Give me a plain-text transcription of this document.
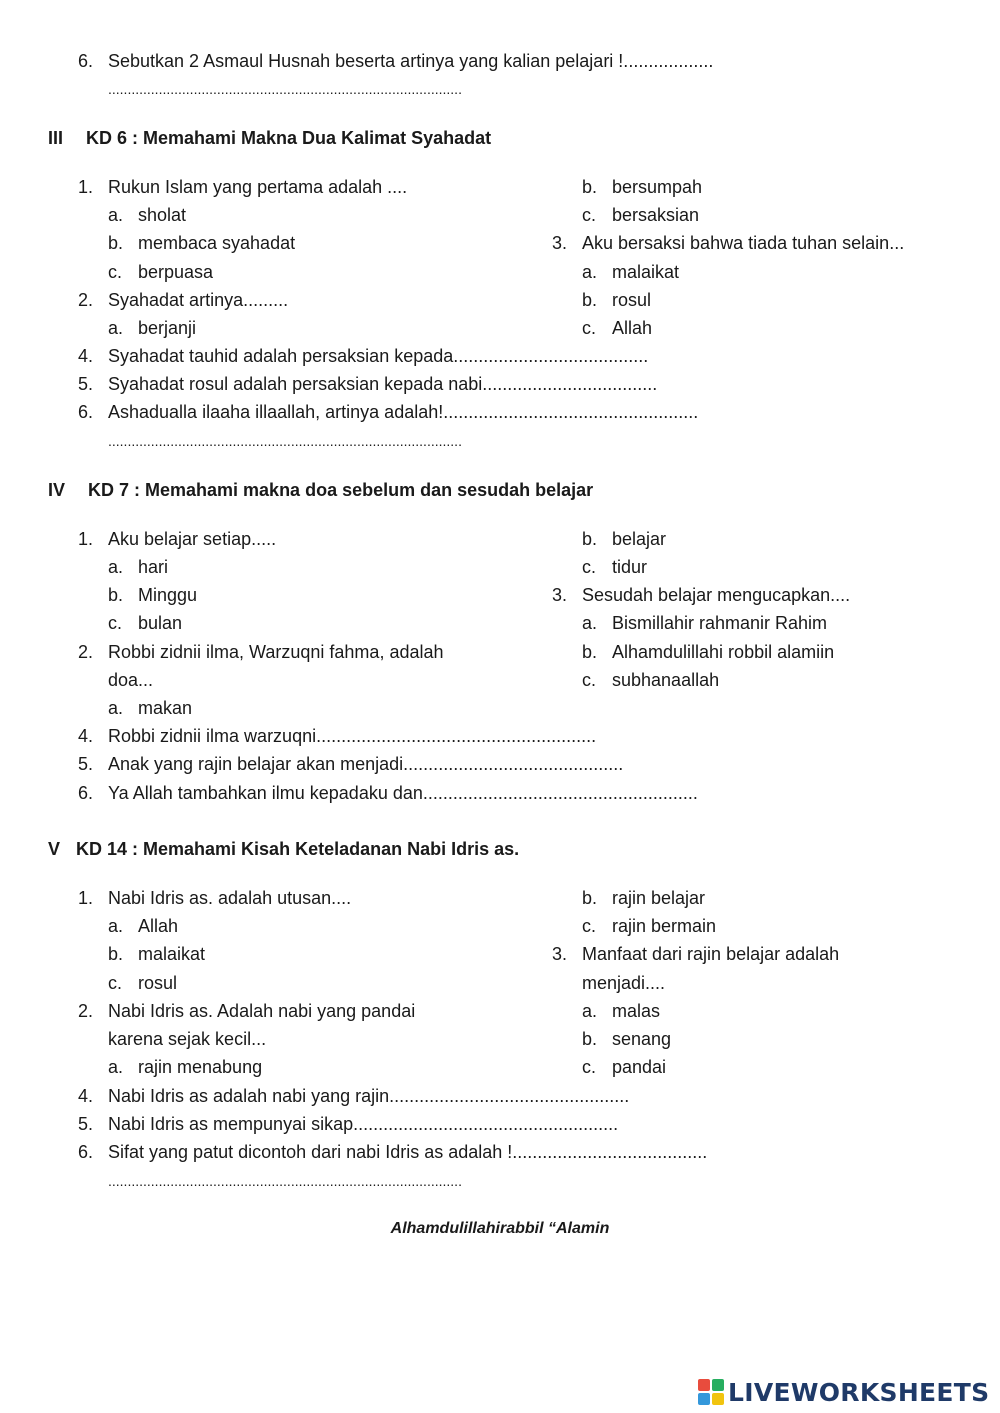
6. Sebutkan 2 Asmaul Husnah beserta artinya yang kalian pelajari !..................
...........................................................................................
III KD 6 : Memahami Makna Dua Kalimat Syahadat
1. Rukun Islam yang pertama adalah ....
a. sholat
b. membaca syahadat
c. berpuasa
2. Syahadat artinya.........
a. berjanji
b. bersumpah
c. bersaksian
3. Aku bersaksi bahwa tiada tuhan selain...
a. malaikat
b. rosul
c. Allah
4. Syahadat tauhid adalah persaksian kepada.......................................
5. Syahadat rosul adalah persaksian kepada nabi...................................
6. Ashadualla ilaaha illaallah, artinya adalah!...................................................
...........................................................................................
IV KD 7 : Memahami makna doa sebelum dan sesudah belajar
1. Aku belajar setiap.....
a. hari
b. Minggu
c. bulan
2. Robbi zidnii ilma, Warzuqni fahma, adalah
doa...
a. makan
b. belajar
c. tidur
3. Sesudah belajar mengucapkan....
a. Bismillahir rahmanir Rahim
b. Alhamdulillahi robbil alamiin
c. subhanaallah
4. Robbi zidnii ilma warzuqni........................................................
5. Anak yang rajin belajar akan menjadi............................................
6. Ya Allah tambahkan ilmu kepadaku dan.......................................................
V KD 14 : Memahami Kisah Keteladanan Nabi Idris as.
1. Nabi Idris as. adalah utusan....
a. Allah
b. malaikat
c. rosul
2. Nabi Idris as. Adalah nabi yang pandai
karena sejak kecil...
a. rajin menabung
b. rajin belajar
c. rajin bermain
3. Manfaat dari rajin belajar adalah
menjadi....
a. malas
b. senang
c. pandai
4. Nabi Idris as adalah nabi yang rajin................................................
5. Nabi Idris as mempunyai sikap.....................................................
6. Sifat yang patut dicontoh dari nabi Idris as adalah !.......................................
...........................................................................................
Alhamdulillahirabbil “Alamin
LIVEWORKSHEETS
